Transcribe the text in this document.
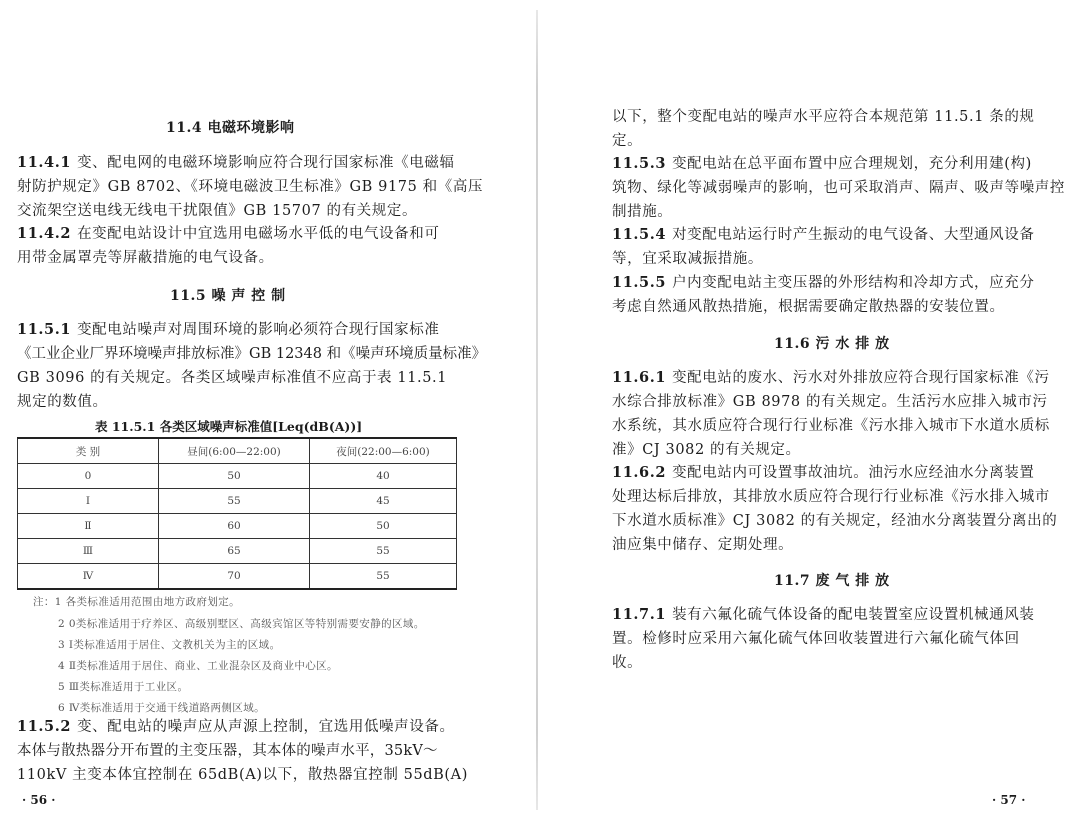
11.4 电磁环境影响
11.4.1 变、配电网的电磁环境影响应符合现行国家标准《电磁辐
射防护规定》GB 8702、《环境电磁波卫生标准》GB 9175 和《高压
交流架空送电线无线电干扰限值》GB 15707 的有关规定。
11.4.2 在变配电站设计中宜选用电磁场水平低的电气设备和可
用带金属罩壳等屏蔽措施的电气设备。
11.5 噪 声 控 制
11.5.1 变配电站噪声对周围环境的影响必须符合现行国家标准
《工业企业厂界环境噪声排放标准》GB 12348 和《噪声环境质量标准》
GB 3096 的有关规定。各类区域噪声标准值不应高于表 11.5.1
规定的数值。
表 11.5.1 各类区域噪声标准值[Leq(dB(A))]
类 别	昼间(6:00—22:00)	夜间(22:00—6:00)
0	50	40
Ⅰ	55	45
Ⅱ	60	50
Ⅲ	65	55
Ⅳ	70	55
注：1 各类标准适用范围由地方政府划定。
2 0类标准适用于疗养区、高级别墅区、高级宾馆区等特别需要安静的区域。
3 Ⅰ类标准适用于居住、文教机关为主的区域。
4 Ⅱ类标准适用于居住、商业、工业混杂区及商业中心区。
5 Ⅲ类标准适用于工业区。
6 Ⅳ类标准适用于交通干线道路两侧区域。
11.5.2 变、配电站的噪声应从声源上控制，宜选用低噪声设备。
本体与散热器分开布置的主变压器，其本体的噪声水平，35kV～
110kV 主变本体宜控制在 65dB(A)以下，散热器宜控制 55dB(A)
· 56 ·
以下，整个变配电站的噪声水平应符合本规范第 11.5.1 条的规
定。
11.5.3 变配电站在总平面布置中应合理规划，充分利用建(构)
筑物、绿化等减弱噪声的影响，也可采取消声、隔声、吸声等噪声控
制措施。
11.5.4 对变配电站运行时产生振动的电气设备、大型通风设备
等，宜采取减振措施。
11.5.5 户内变配电站主变压器的外形结构和冷却方式，应充分
考虑自然通风散热措施，根据需要确定散热器的安装位置。
11.6 污 水 排 放
11.6.1 变配电站的废水、污水对外排放应符合现行国家标准《污
水综合排放标准》GB 8978 的有关规定。生活污水应排入城市污
水系统，其水质应符合现行行业标准《污水排入城市下水道水质标
准》CJ 3082 的有关规定。
11.6.2 变配电站内可设置事故油坑。油污水应经油水分离装置
处理达标后排放，其排放水质应符合现行行业标准《污水排入城市
下水道水质标准》CJ 3082 的有关规定，经油水分离装置分离出的
油应集中储存、定期处理。
11.7 废 气 排 放
11.7.1 装有六氟化硫气体设备的配电装置室应设置机械通风装
置。检修时应采用六氟化硫气体回收装置进行六氟化硫气体回
收。
· 57 ·
